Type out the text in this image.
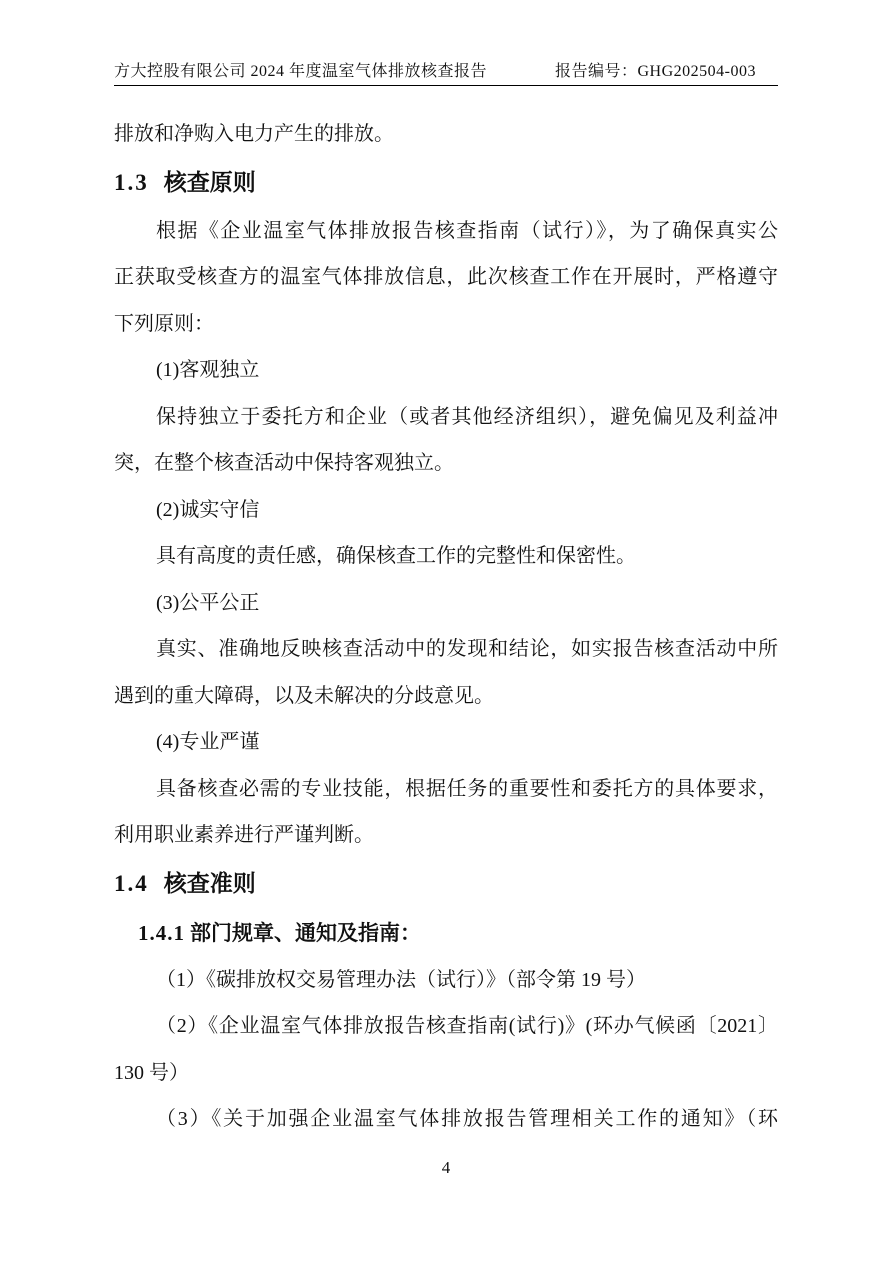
方大控股有限公司 2024 年度温室气体排放核查报告	报告编号：GHG202504-003
排放和净购入电力产生的排放。
1.3 核查原则
根据《企业温室气体排放报告核查指南（试行）》，为了确保真实公
正获取受核查方的温室气体排放信息，此次核查工作在开展时，严格遵守
下列原则：
(1)客观独立
保持独立于委托方和企业（或者其他经济组织），避免偏见及利益冲
突，在整个核查活动中保持客观独立。
(2)诚实守信
具有高度的责任感，确保核查工作的完整性和保密性。
(3)公平公正
真实、准确地反映核查活动中的发现和结论，如实报告核查活动中所
遇到的重大障碍，以及未解决的分歧意见。
(4)专业严谨
具备核查必需的专业技能，根据任务的重要性和委托方的具体要求，
利用职业素养进行严谨判断。
1.4 核查准则
1.4.1 部门规章、通知及指南：
（1）《碳排放权交易管理办法（试行）》（部令第 19 号）
（2）《企业温室气体排放报告核查指南(试行)》(环办气候函〔2021〕
130 号）
（3）《关于加强企业温室气体排放报告管理相关工作的通知》（环
4
